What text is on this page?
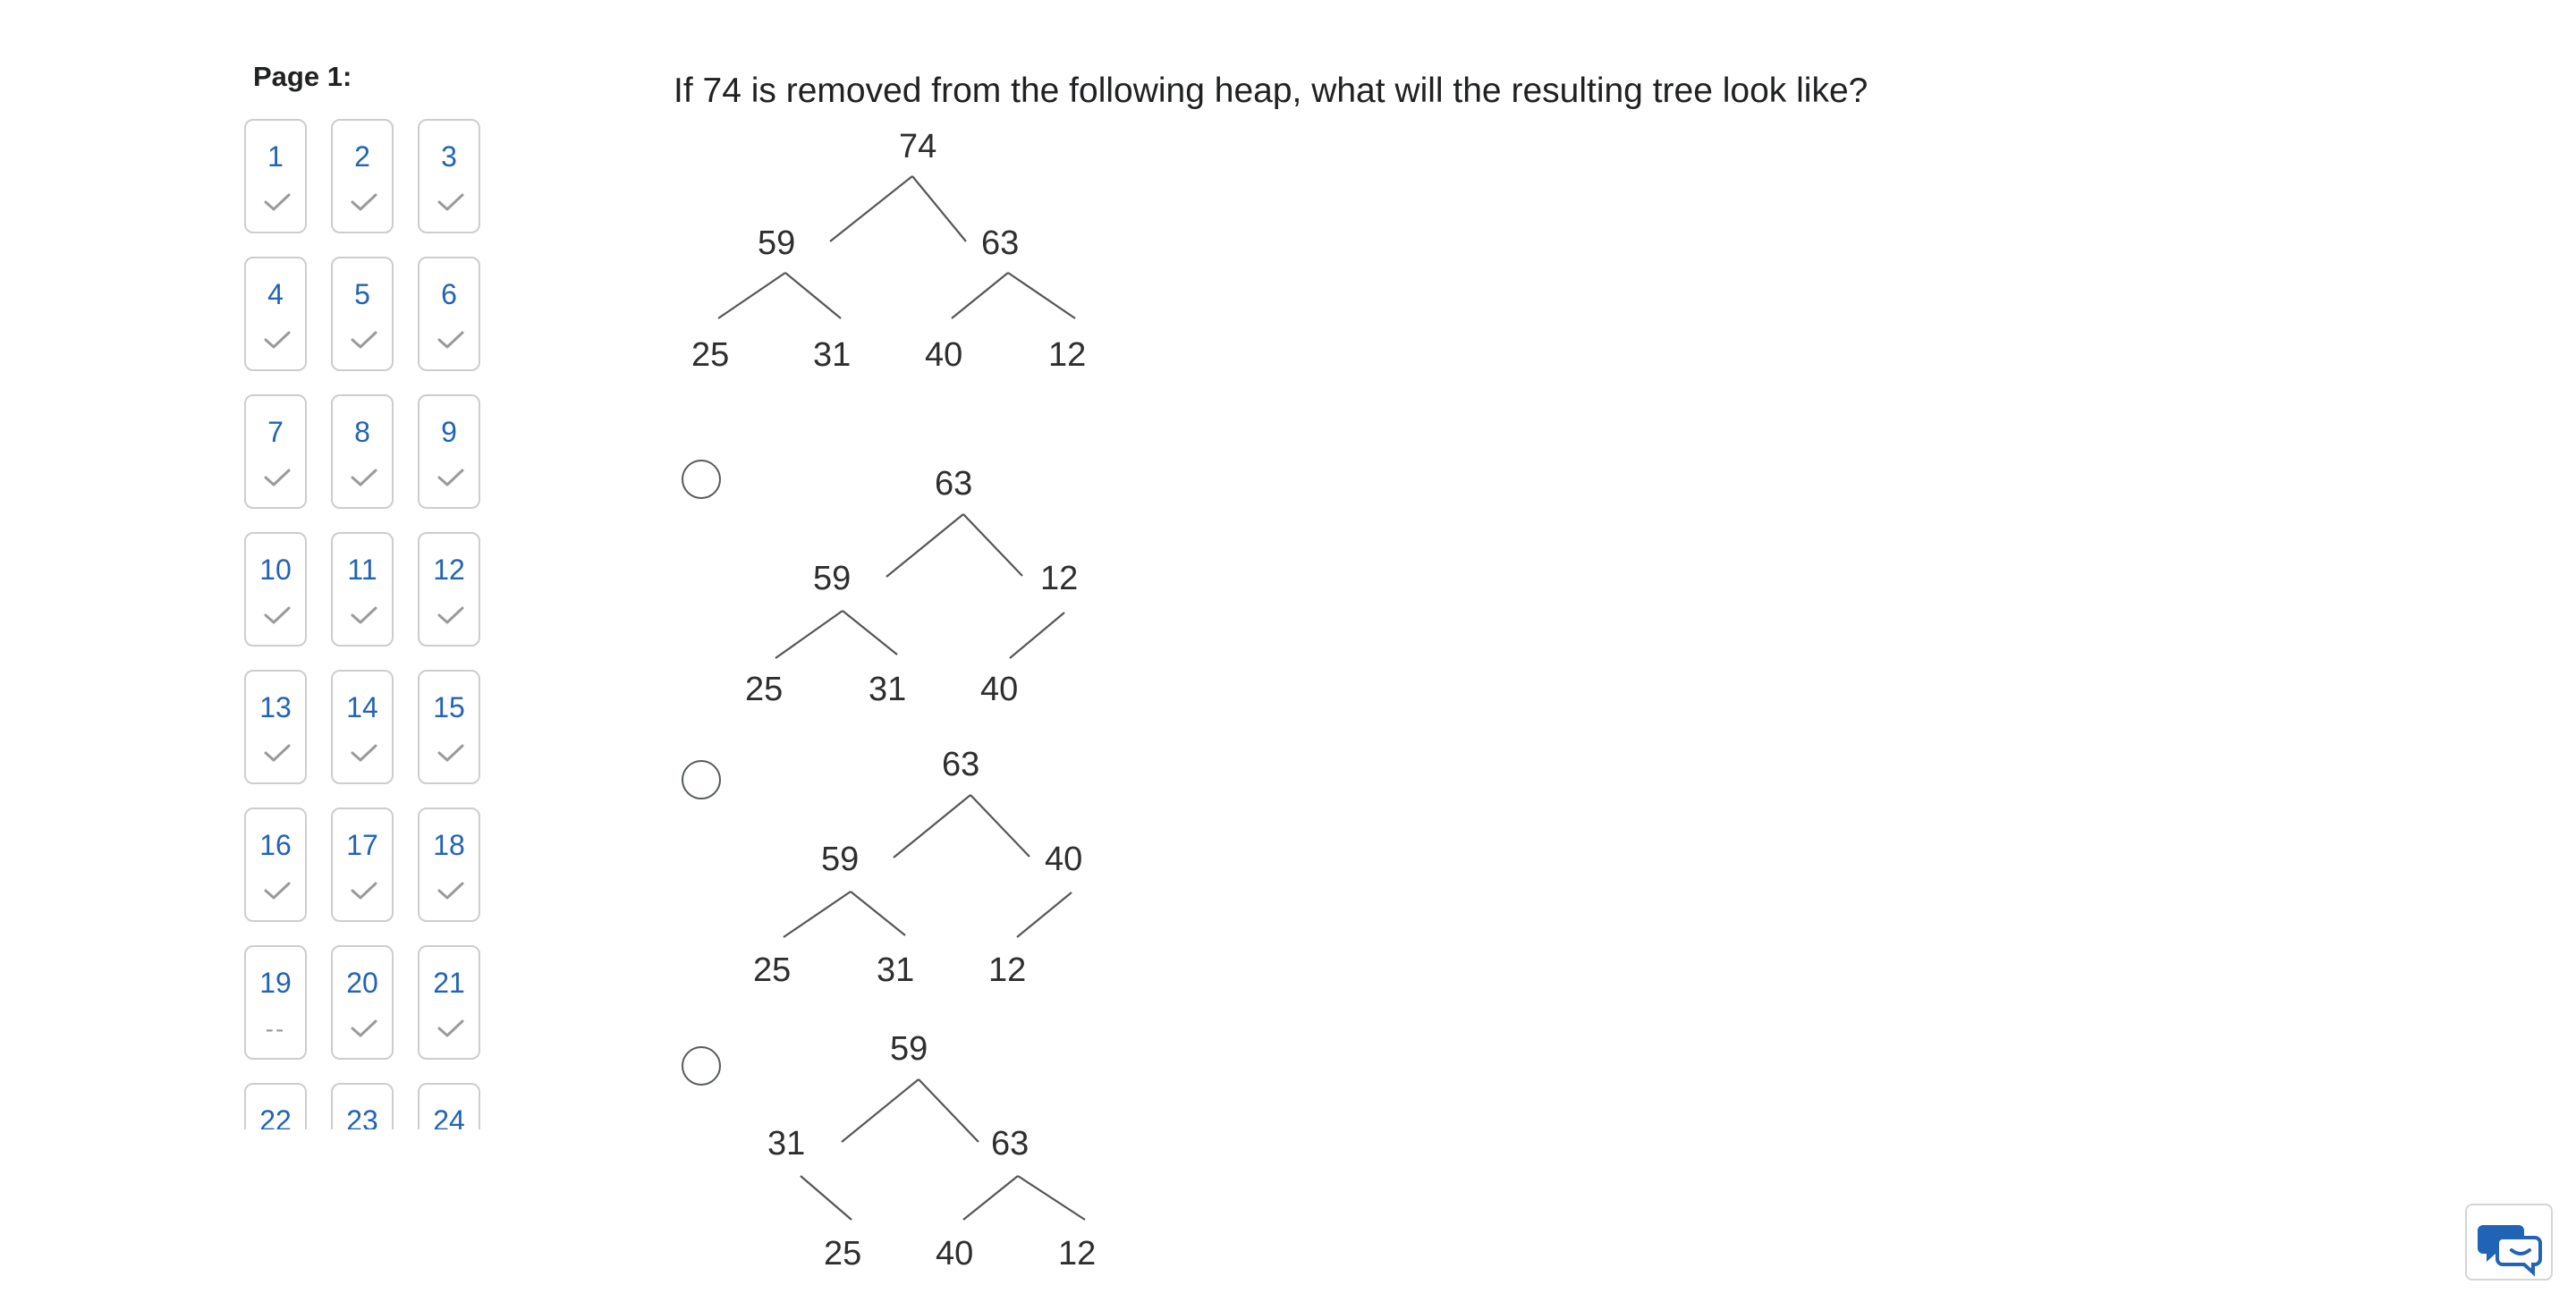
Page 1:
1	2	3
4	5	6
7	8	9
10	11	12
13	14	15
16	17	18
19
--
20	21
22	23	24
If 74 is removed from the following heap, what will the resulting tree look like?
74
59	63
25 31 40	12
63
59	12
25	31 40
63
59	40
25	31 12
59
31	63
25 40 12
